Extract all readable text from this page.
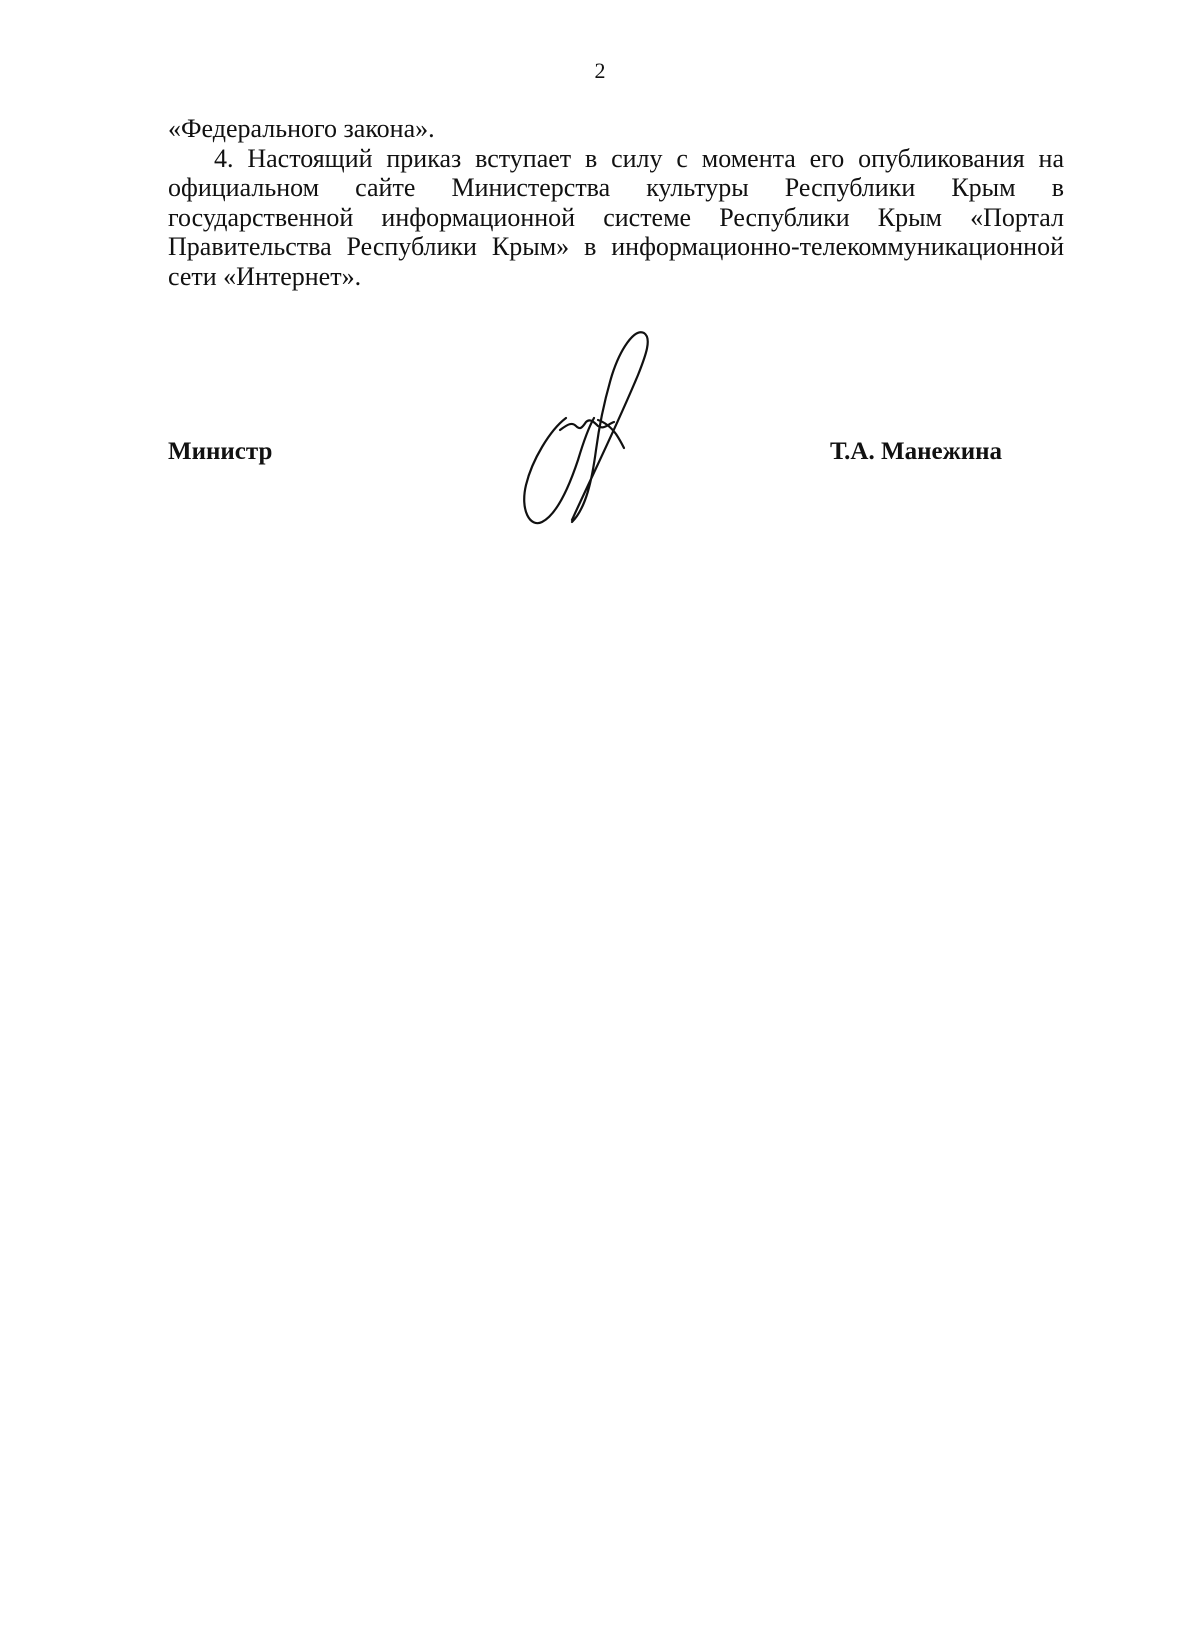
2

«Федерального закона».

4. Настоящий приказ вступает в силу с момента его опубликования на официальном сайте Министерства культуры Республики Крым в государственной информационной системе Республики Крым «Портал Правительства Республики Крым» в информационно-телекоммуникационной сети «Интернет».

Министр	Т.А. Манежина
